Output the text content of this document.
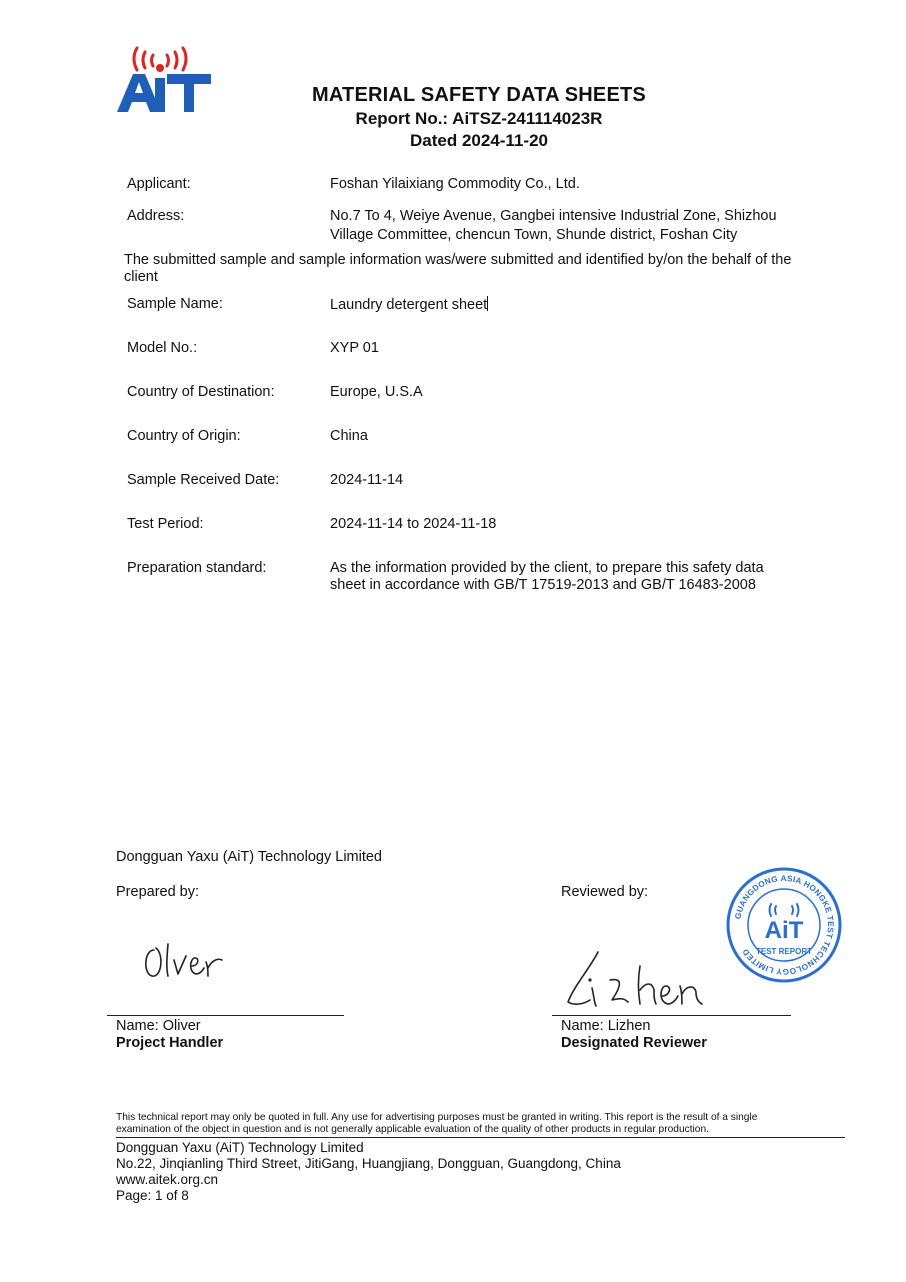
MATERIAL SAFETY DATA SHEETS
Report No.: AiTSZ-241114023R
Dated 2024-11-20
Applicant:	Foshan Yilaixiang Commodity Co., Ltd.
Address:	No.7 To 4, Weiye Avenue, Gangbei intensive Industrial Zone, Shizhou
Village Committee, chencun Town, Shunde district, Foshan City
The submitted sample and sample information was/were submitted and identified by/on the behalf of the
client
Sample Name:	Laundry detergent sheet
Model No.:	XYP 01
Country of Destination:	Europe, U.S.A
Country of Origin:	China
Sample Received Date:	2024-11-14
Test Period:	2024-11-14 to 2024-11-18
Preparation standard:	As the information provided by the client, to prepare this safety data
sheet in accordance with GB/T 17519-2013 and GB/T 16483-2008
Dongguan Yaxu (AiT) Technology Limited
Prepared by:	Reviewed by:
Name: Oliver
Project Handler
Name: Lizhen
Designated Reviewer
GUANGDONG ASIA HONGKE TEST TECHNOLOGY LIMITED
AiT
TEST REPORT
This technical report may only be quoted in full. Any use for advertising purposes must be granted in writing. This report is the result of a single
examination of the object in question and is not generally applicable evaluation of the quality of other products in regular production.
Dongguan Yaxu (AiT) Technology Limited
No.22, Jinqianling Third Street, JitiGang, Huangjiang, Dongguan, Guangdong, China
www.aitek.org.cn
Page: 1 of 8
